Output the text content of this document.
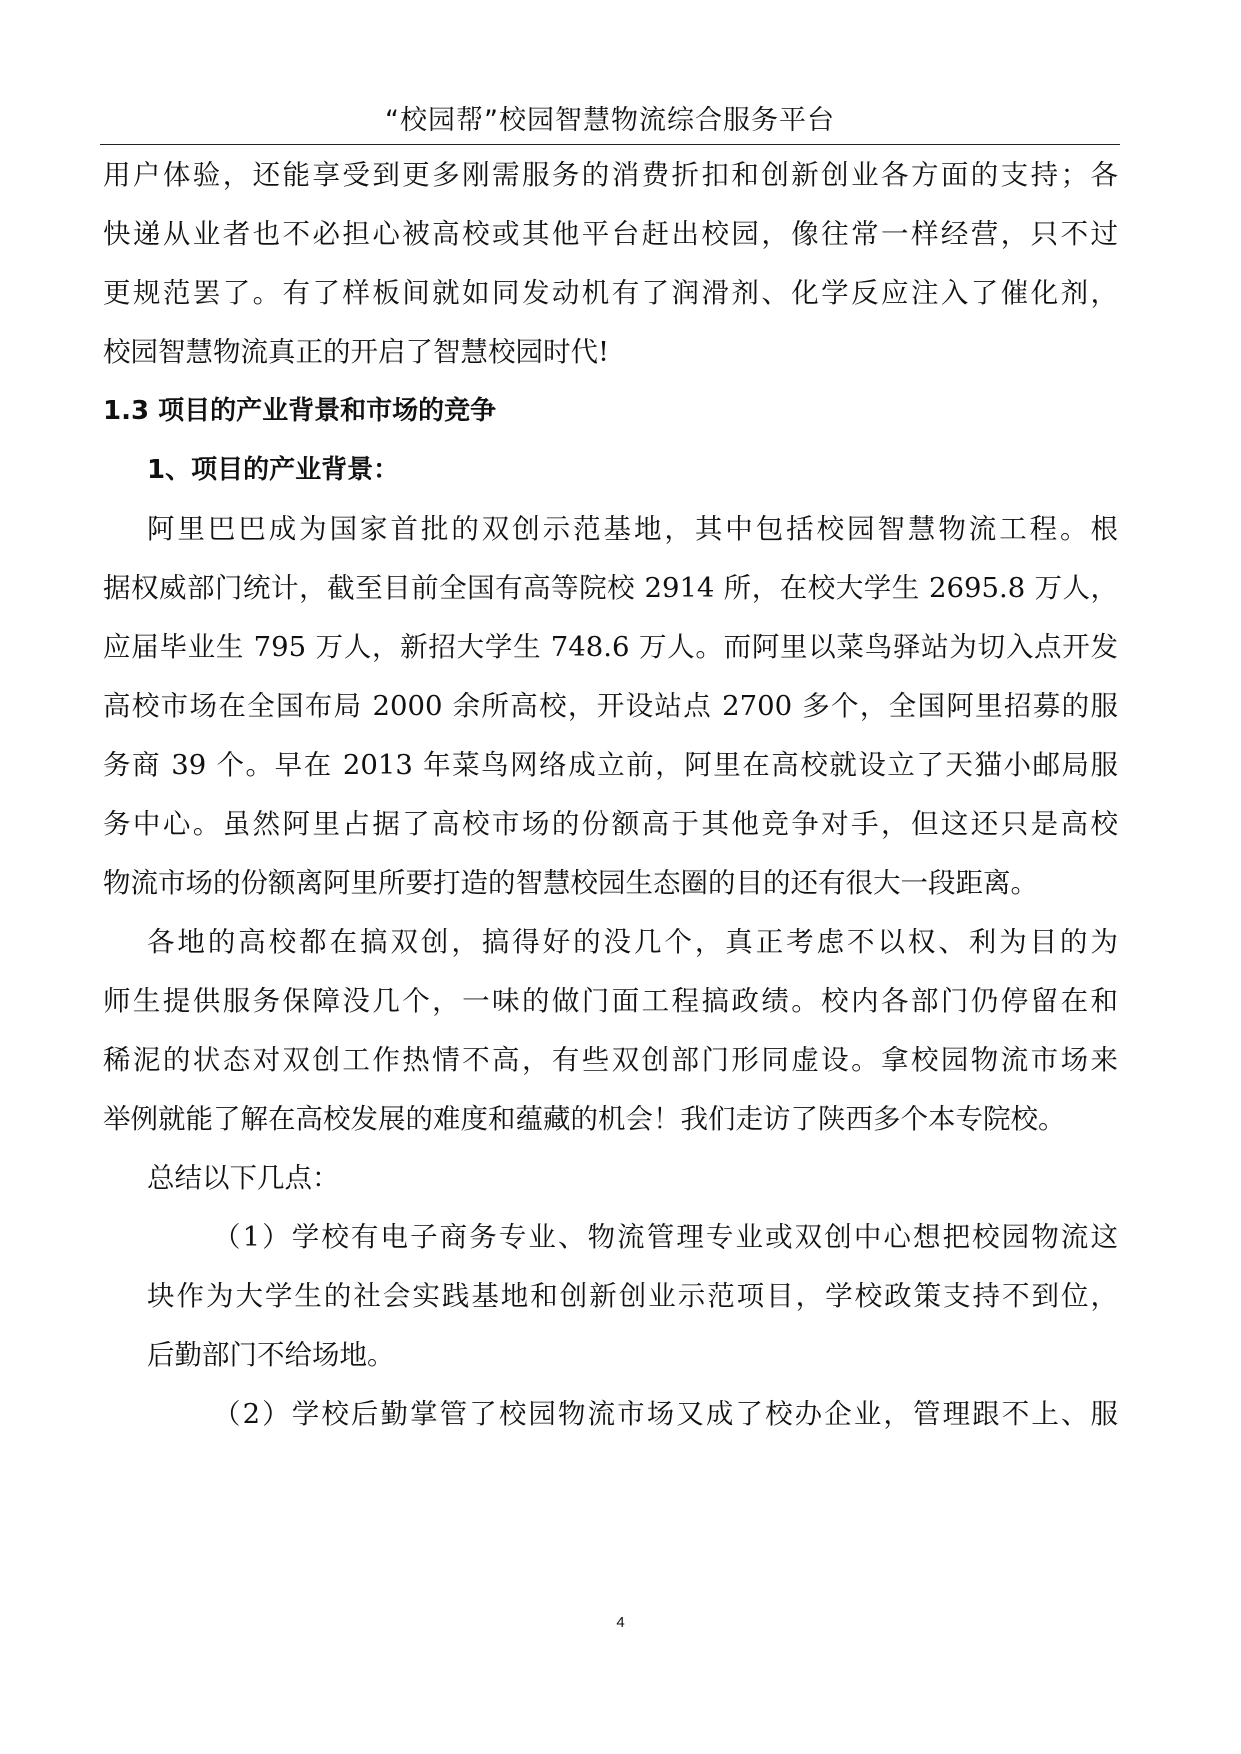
“校园帮”校园智慧物流综合服务平台
用户体验，还能享受到更多刚需服务的消费折扣和创新创业各方面的支持；各
快递从业者也不必担心被高校或其他平台赶出校园，像往常一样经营，只不过
更规范罢了。有了样板间就如同发动机有了润滑剂、化学反应注入了催化剂，
校园智慧物流真正的开启了智慧校园时代!
1.3 项目的产业背景和市场的竞争
1、项目的产业背景：
阿里巴巴成为国家首批的双创示范基地，其中包括校园智慧物流工程。根
据权威部门统计，截至目前全国有高等院校 2914 所，在校大学生 2695.8 万人，
应届毕业生 795 万人，新招大学生 748.6 万人。而阿里以菜鸟驿站为切入点开发
高校市场在全国布局 2000 余所高校，开设站点 2700 多个，全国阿里招募的服
务商 39 个。早在 2013 年菜鸟网络成立前，阿里在高校就设立了天猫小邮局服
务中心。虽然阿里占据了高校市场的份额高于其他竞争对手，但这还只是高校
物流市场的份额离阿里所要打造的智慧校园生态圈的目的还有很大一段距离。
各地的高校都在搞双创，搞得好的没几个，真正考虑不以权、利为目的为
师生提供服务保障没几个，一味的做门面工程搞政绩。校内各部门仍停留在和
稀泥的状态对双创工作热情不高，有些双创部门形同虚设。拿校园物流市场来
举例就能了解在高校发展的难度和蕴藏的机会！我们走访了陕西多个本专院校。
总结以下几点：
（1）学校有电子商务专业、物流管理专业或双创中心想把校园物流这
块作为大学生的社会实践基地和创新创业示范项目，学校政策支持不到位，
后勤部门不给场地。
（2）学校后勤掌管了校园物流市场又成了校办企业，管理跟不上、服
4
